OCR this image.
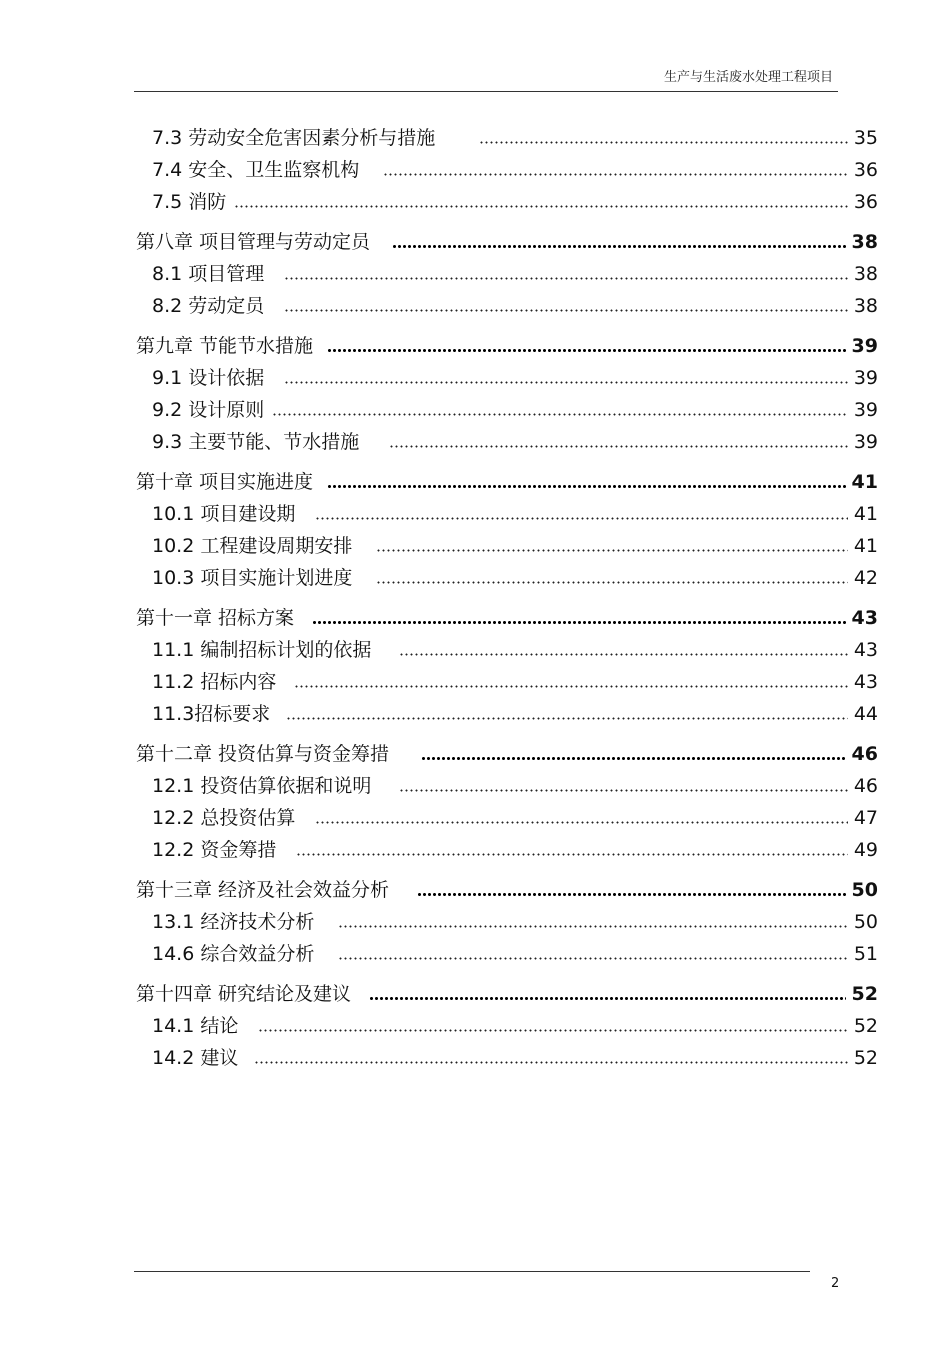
生产与生活废水处理工程项目
7.3 劳动安全危害因素分析与措施	35
7.4 安全、卫生监察机构	36
7.5 消防	36
第八章 项目管理与劳动定员	38
8.1 项目管理	38
8.2 劳动定员	38
第九章 节能节水措施	39
9.1 设计依据	39
9.2 设计原则	39
9.3 主要节能、节水措施	39
第十章 项目实施进度	41
10.1 项目建设期	41
10.2 工程建设周期安排	41
10.3 项目实施计划进度	42
第十一章 招标方案	43
11.1 编制招标计划的依据	43
11.2 招标内容	43
11.3招标要求	44
第十二章 投资估算与资金筹措	46
12.1 投资估算依据和说明	46
12.2 总投资估算	47
12.2 资金筹措	49
第十三章 经济及社会效益分析	50
13.1 经济技术分析	50
14.6 综合效益分析	51
第十四章 研究结论及建议	52
14.1 结论	52
14.2 建议	52
2
